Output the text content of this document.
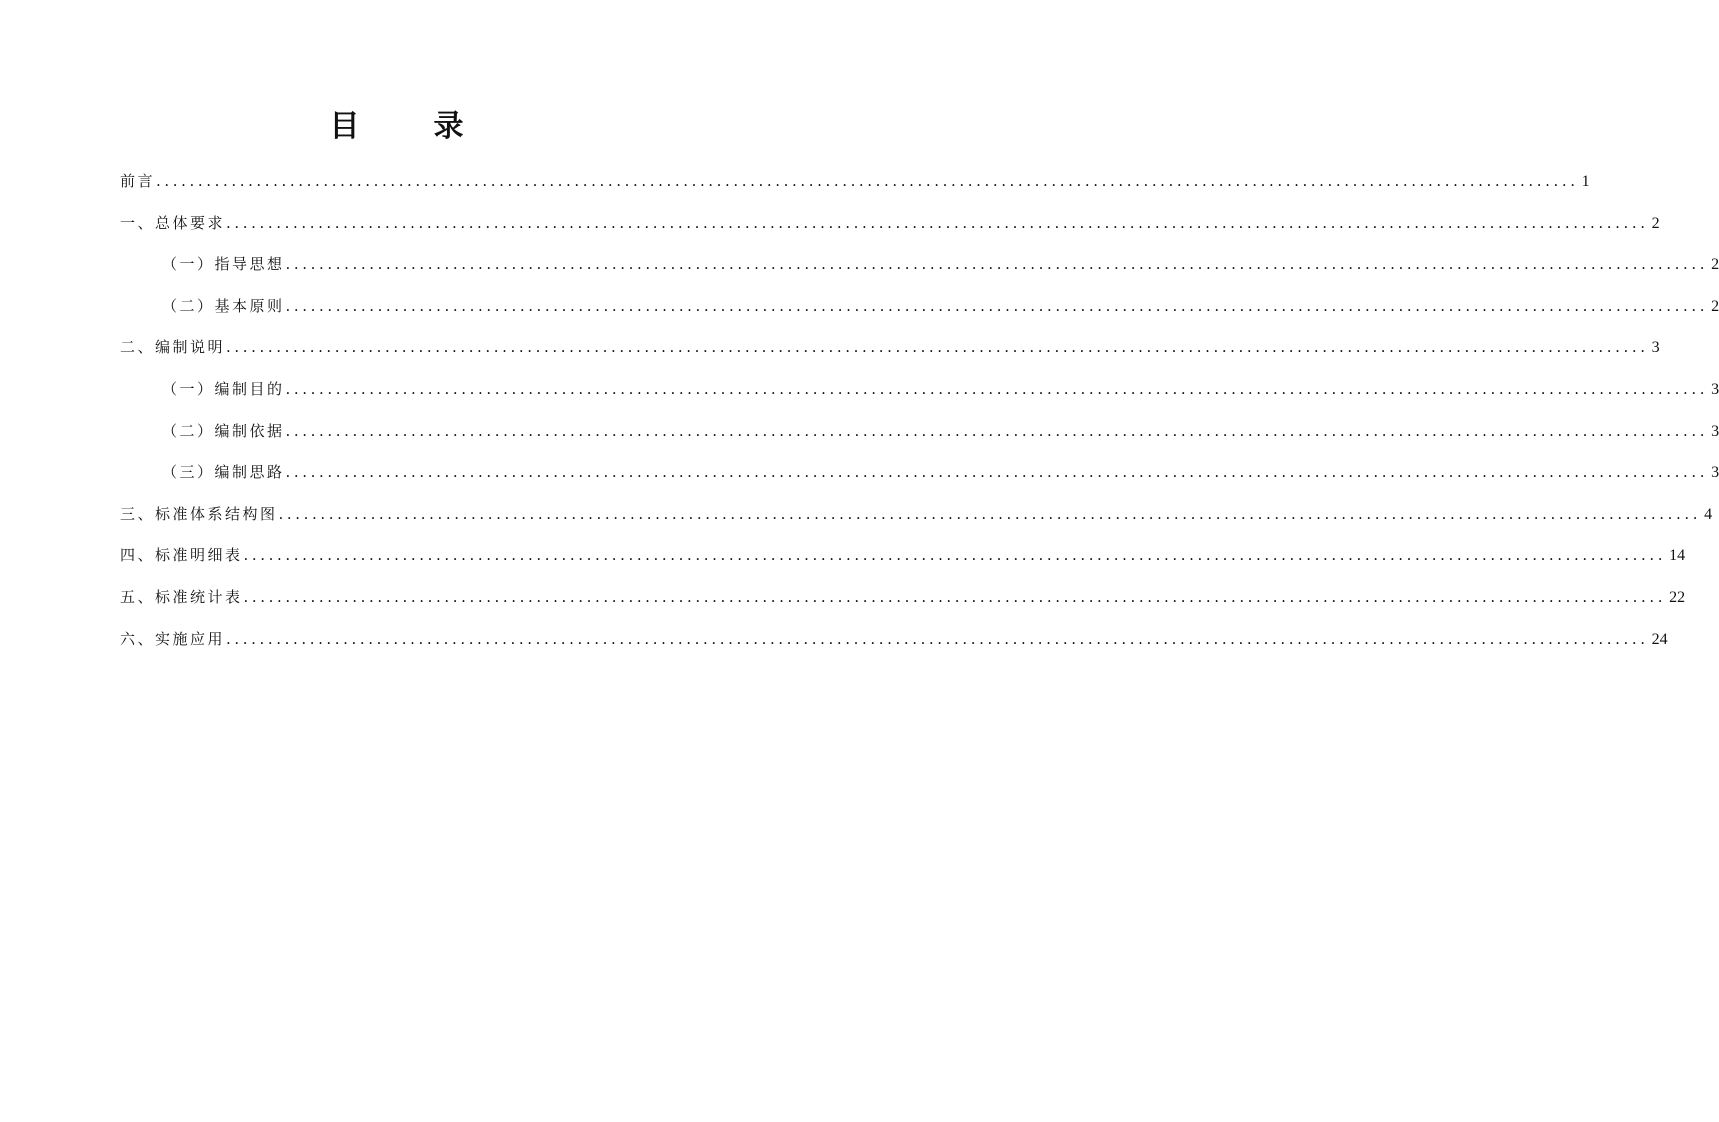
目　录
前言 .......................................................................................................................................................................... 1
一、总体要求 .......................................................................................................................................................................... 2
（一）指导思想 .......................................................................................................................................................................... 2
（二）基本原则 .......................................................................................................................................................................... 2
二、编制说明 .......................................................................................................................................................................... 3
（一）编制目的 .......................................................................................................................................................................... 3
（二）编制依据 .......................................................................................................................................................................... 3
（三）编制思路 .......................................................................................................................................................................... 3
三、标准体系结构图 .......................................................................................................................................................................... 4
四、标准明细表 .......................................................................................................................................................................... 14
五、标准统计表 .......................................................................................................................................................................... 22
六、实施应用 .......................................................................................................................................................................... 24
